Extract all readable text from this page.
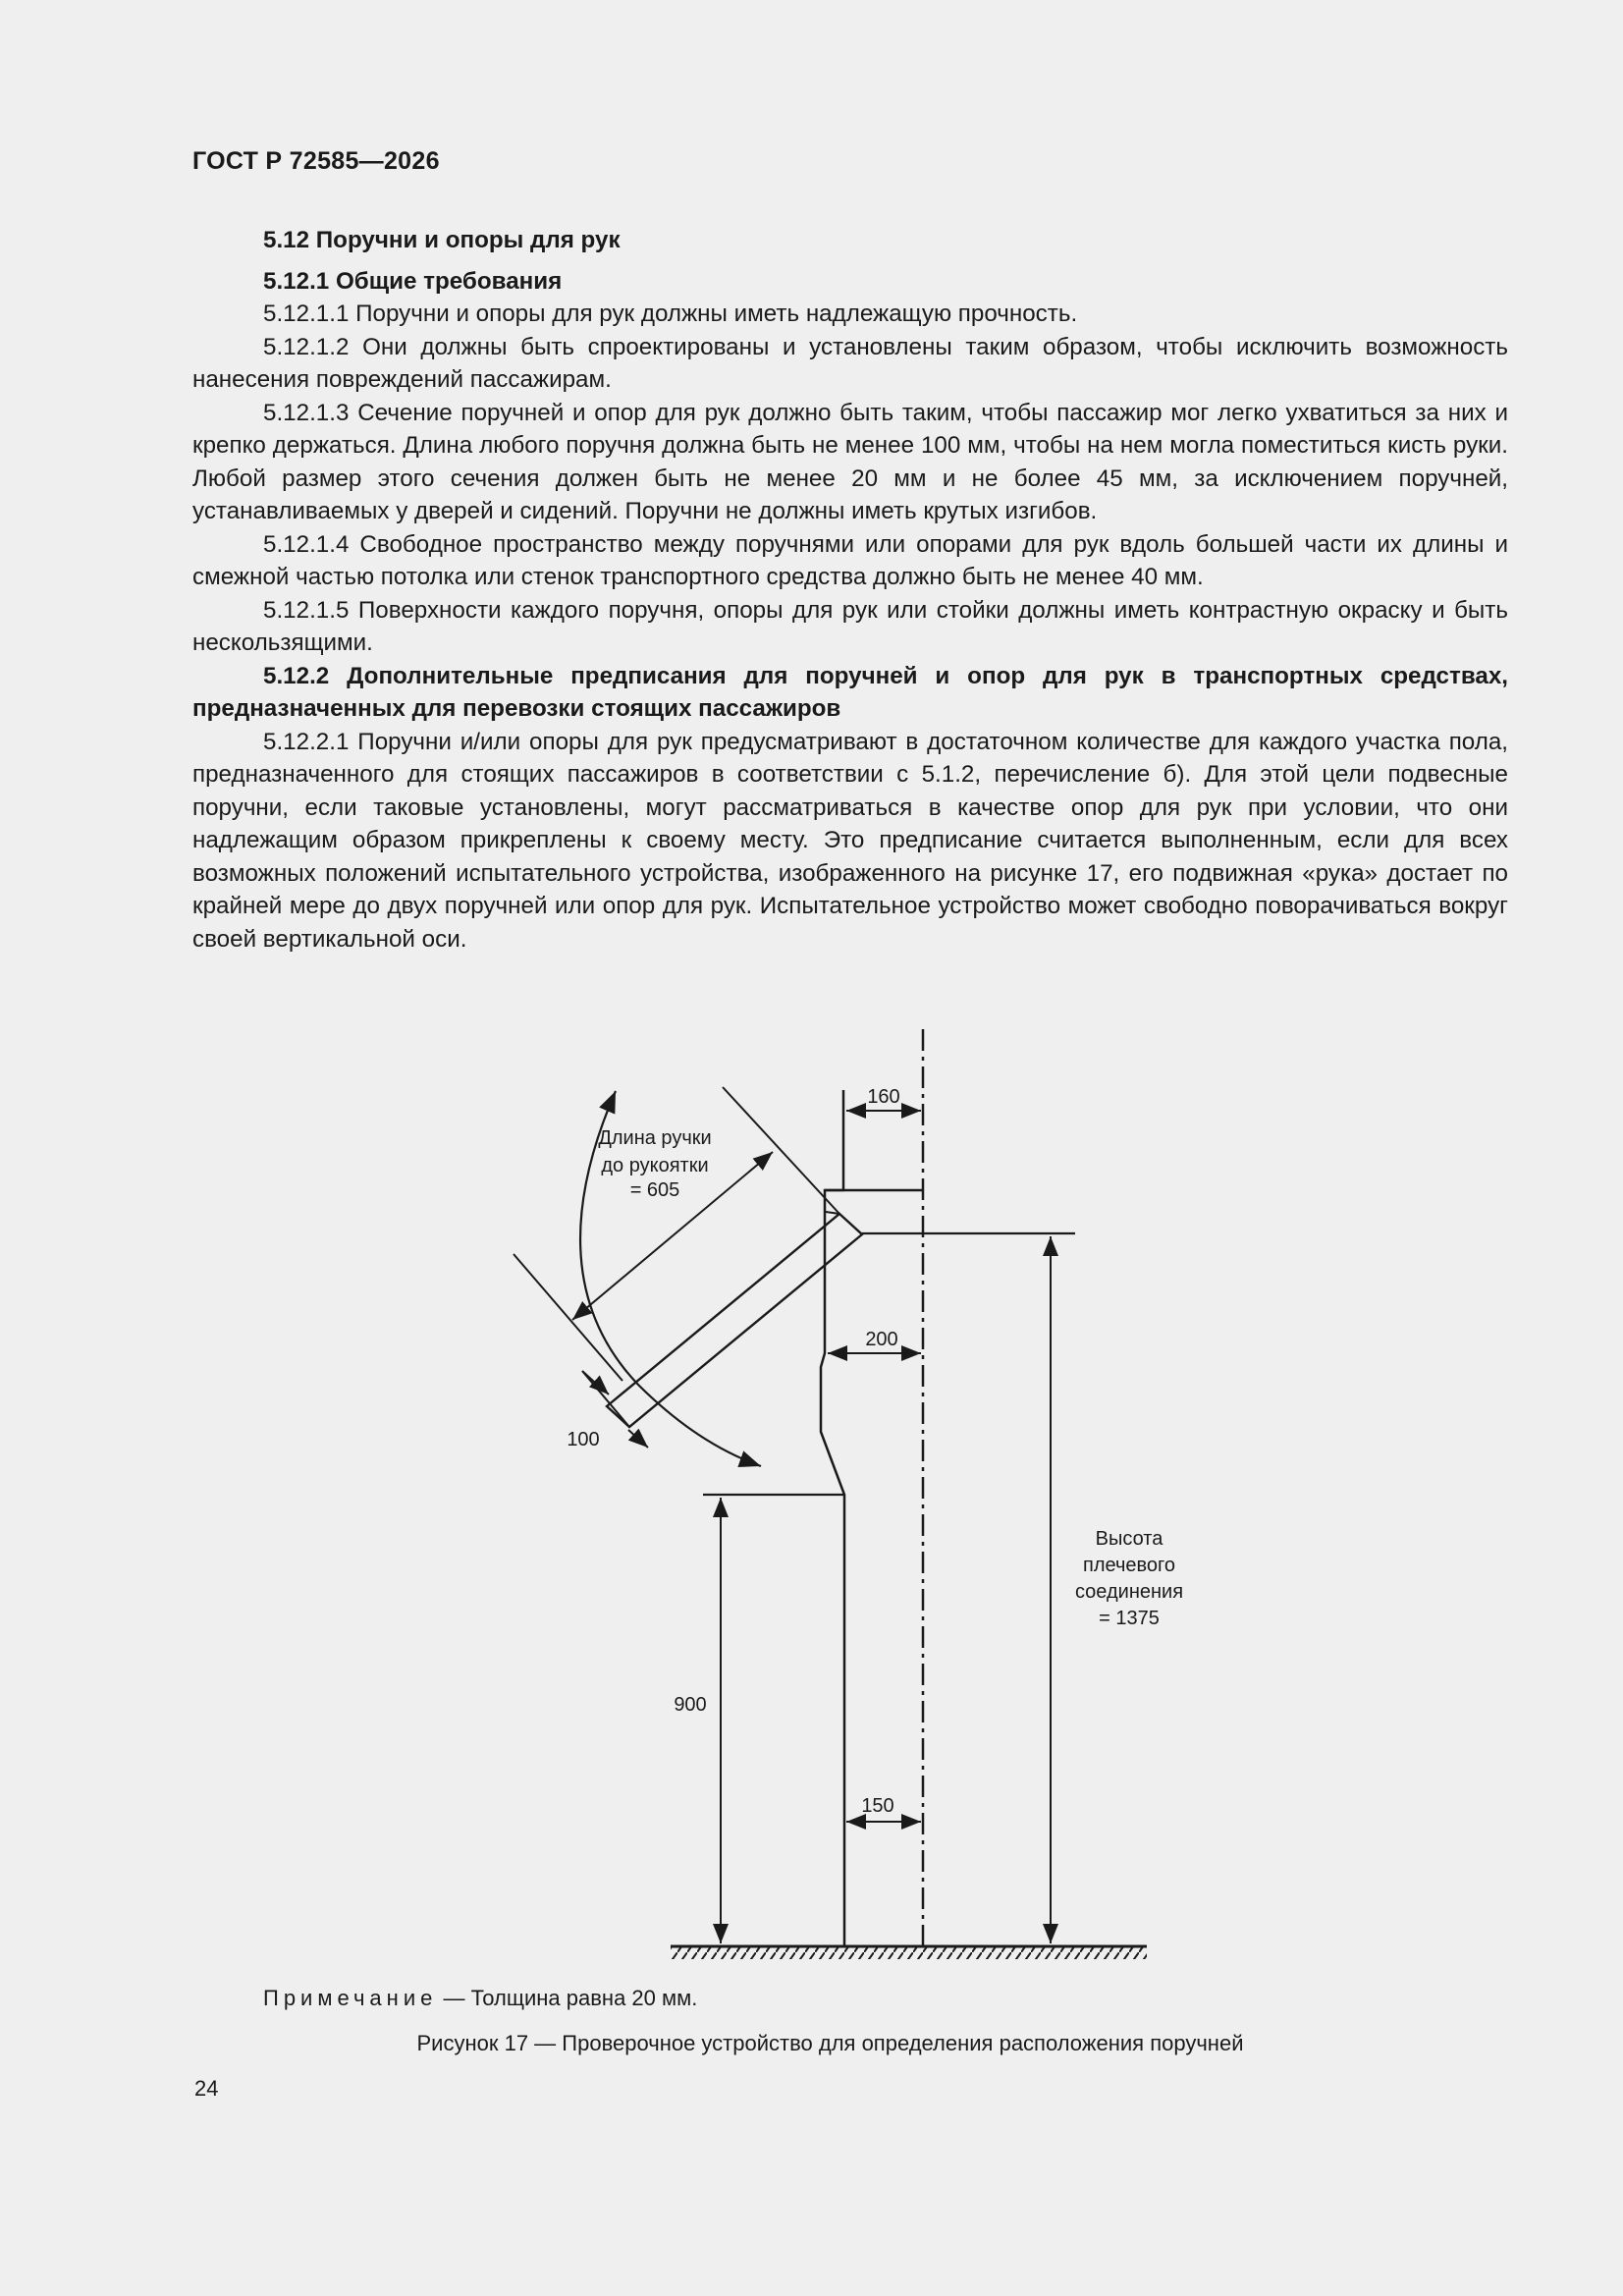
ГОСТ Р 72585—2026

5.12 Поручни и опоры для рук

5.12.1 Общие требования

5.12.1.1 Поручни и опоры для рук должны иметь надлежащую прочность.

5.12.1.2 Они должны быть спроектированы и установлены таким образом, чтобы исключить возможность нанесения повреждений пассажирам.

5.12.1.3 Сечение поручней и опор для рук должно быть таким, чтобы пассажир мог легко ухватиться за них и крепко держаться. Длина любого поручня должна быть не менее 100 мм, чтобы на нем могла поместиться кисть руки. Любой размер этого сечения должен быть не менее 20 мм и не более 45 мм, за исключением поручней, устанавливаемых у дверей и сидений. Поручни не должны иметь крутых изгибов.

5.12.1.4 Свободное пространство между поручнями или опорами для рук вдоль большей части их длины и смежной частью потолка или стенок транспортного средства должно быть не менее 40 мм.

5.12.1.5 Поверхности каждого поручня, опоры для рук или стойки должны иметь контрастную окраску и быть нескользящими.

5.12.2 Дополнительные предписания для поручней и опор для рук в транспортных средствах, предназначенных для перевозки стоящих пассажиров

5.12.2.1 Поручни и/или опоры для рук предусматривают в достаточном количестве для каждого участка пола, предназначенного для стоящих пассажиров в соответствии с 5.1.2, перечисление б). Для этой цели подвесные поручни, если таковые установлены, могут рассматриваться в качестве опор для рук при условии, что они надлежащим образом прикреплены к своему месту. Это предписание считается выполненным, если для всех возможных положений испытательного устройства, изображенного на рисунке 17, его подвижная «рука» достает по крайней мере до двух поручней или опор для рук. Испытательное устройство может свободно поворачиваться вокруг своей вертикальной оси.

Длина ручки
до рукоятки
= 605
160
200
100
900
150
Высота
плечевого
соединения
= 1375
Примечание — Толщина равна 20 мм.
Рисунок 17 — Проверочное устройство для определения расположения поручней
24
